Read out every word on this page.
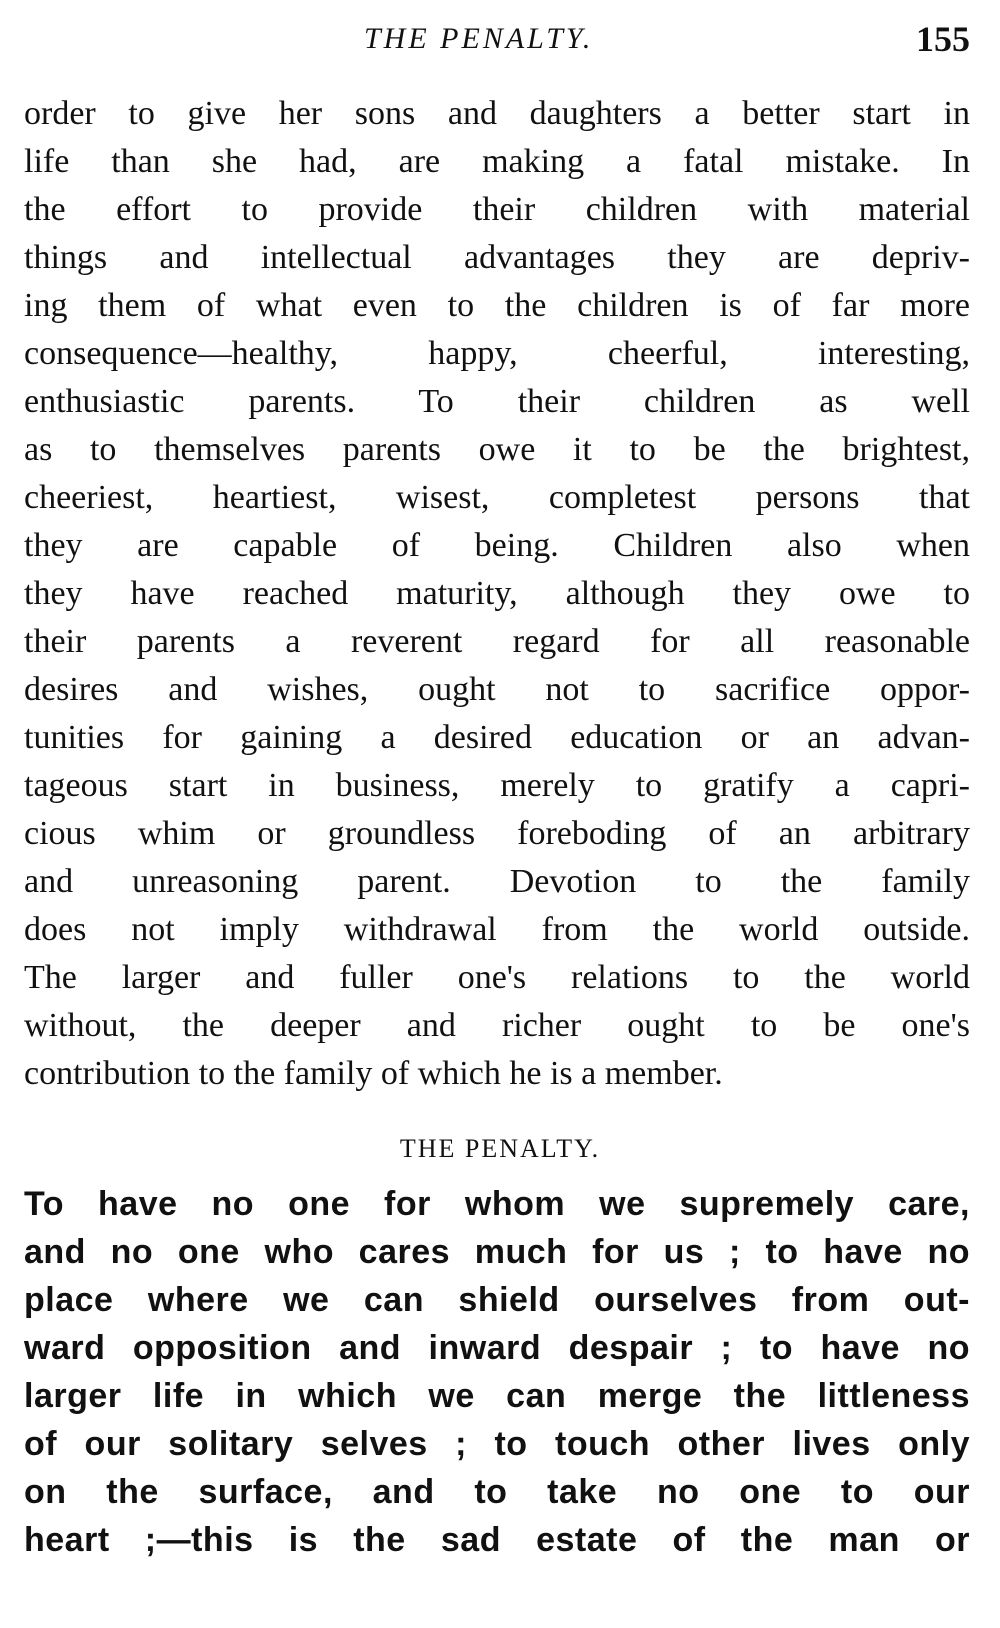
THE PENALTY.	155
order to give her sons and daughters a better start in
life than she had, are making a fatal mistake. In
the effort to provide their children with material
things and intellectual advantages they are depriv-
ing them of what even to the children is of far more
consequence—healthy, happy, cheerful, interesting,
enthusiastic parents. To their children as well
as to themselves parents owe it to be the brightest,
cheeriest, heartiest, wisest, completest persons that
they are capable of being. Children also when
they have reached maturity, although they owe to
their parents a reverent regard for all reasonable
desires and wishes, ought not to sacrifice oppor-
tunities for gaining a desired education or an advan-
tageous start in business, merely to gratify a capri-
cious whim or groundless foreboding of an arbitrary
and unreasoning parent. Devotion to the family
does not imply withdrawal from the world outside.
The larger and fuller one's relations to the world
without, the deeper and richer ought to be one's
contribution to the family of which he is a member.
THE PENALTY.
To have no one for whom we supremely care,
and no one who cares much for us ; to have no
place where we can shield ourselves from out-
ward opposition and inward despair ; to have no
larger life in which we can merge the littleness
of our solitary selves ; to touch other lives only
on the surface, and to take no one to our
heart ;—this is the sad estate of the man or
